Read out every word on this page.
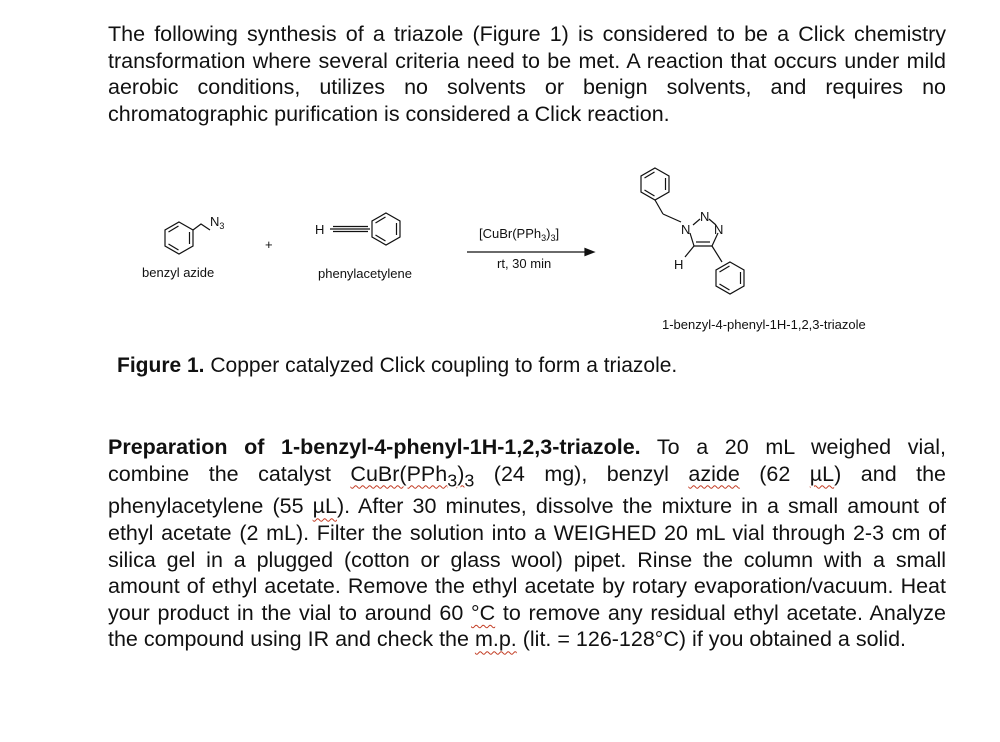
The following synthesis of a triazole (Figure 1) is considered to be a Click chemistry transformation where several criteria need to be met. A reaction that occurs under mild aerobic conditions, utilizes no solvents or benign solvents, and requires no chromatographic purification is considered a Click reaction.

$N_3$	H
+
$[CuBr(PPh_3)_3]$
rt, 30 min
N
N
N
H
benzyl azide	phenylacetylene
1-benzyl-4-phenyl-1H-1,2,3-triazole

Figure 1. Copper catalyzed Click coupling to form a triazole.

Preparation of 1-benzyl-4-phenyl-1H-1,2,3-triazole. To a 20 mL weighed vial, combine the catalyst $CuBr(PPh_3)_3$ (24 mg), benzyl azide (62 µL) and the phenylacetylene (55 µL). After 30 minutes, dissolve the mixture in a small amount of ethyl acetate (2 mL). Filter the solution into a WEIGHED 20 mL vial through 2-3 cm of silica gel in a plugged (cotton or glass wool) pipet. Rinse the column with a small amount of ethyl acetate. Remove the ethyl acetate by rotary evaporation/vacuum. Heat your product in the vial to around 60 °C to remove any residual ethyl acetate. Analyze the compound using IR and check the m.p. (lit. = 126-128°C) if you obtained a solid.
